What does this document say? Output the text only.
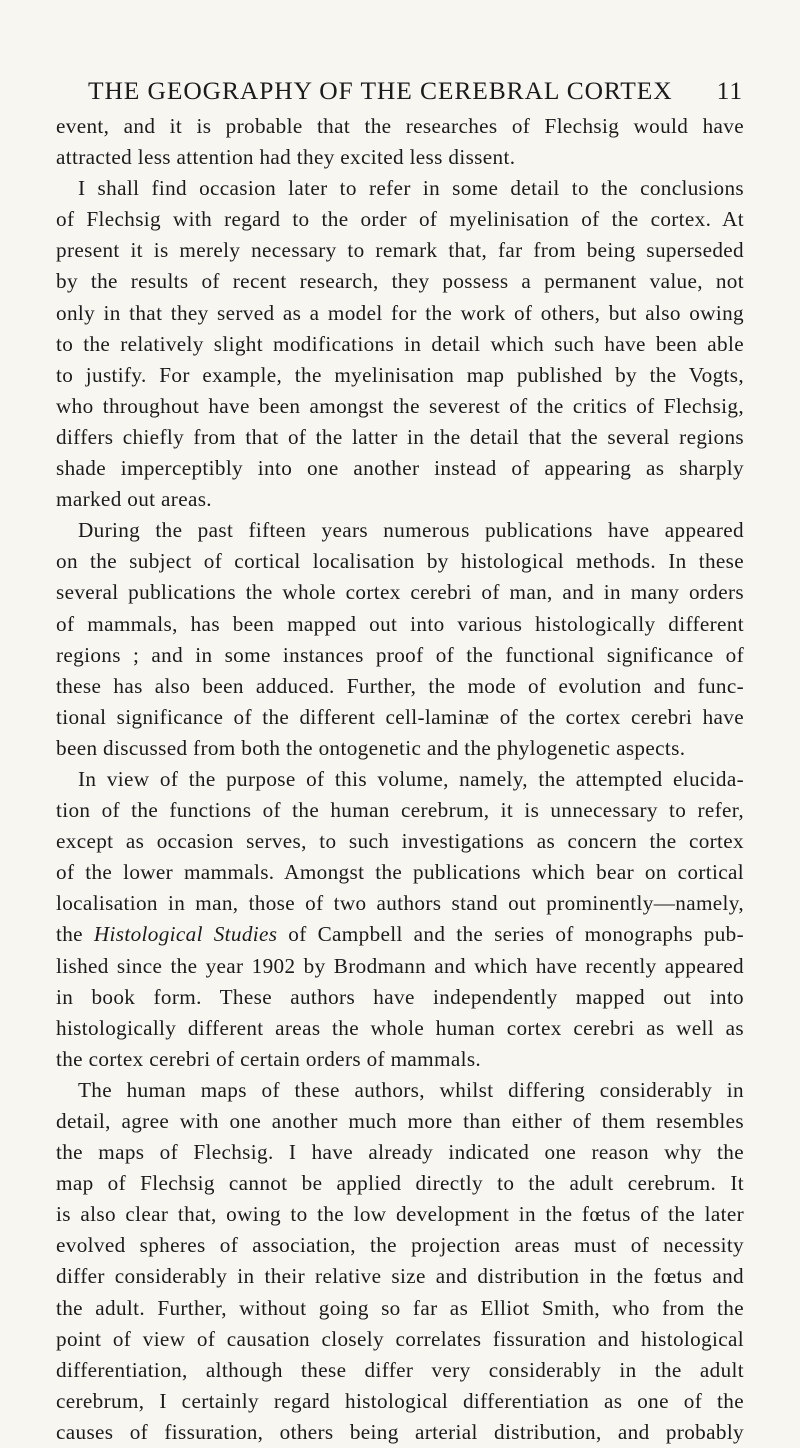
THE GEOGRAPHY OF THE CEREBRAL CORTEX 11
event, and it is probable that the researches of Flechsig would have
attracted less attention had they excited less dissent.
I shall find occasion later to refer in some detail to the conclusions
of Flechsig with regard to the order of myelinisation of the cortex. At
present it is merely necessary to remark that, far from being superseded
by the results of recent research, they possess a permanent value, not
only in that they served as a model for the work of others, but also owing
to the relatively slight modifications in detail which such have been able
to justify. For example, the myelinisation map published by the Vogts,
who throughout have been amongst the severest of the critics of Flechsig,
differs chiefly from that of the latter in the detail that the several regions
shade imperceptibly into one another instead of appearing as sharply
marked out areas.
During the past fifteen years numerous publications have appeared
on the subject of cortical localisation by histological methods. In these
several publications the whole cortex cerebri of man, and in many orders
of mammals, has been mapped out into various histologically different
regions ; and in some instances proof of the functional significance of
these has also been adduced. Further, the mode of evolution and func-
tional significance of the different cell-laminæ of the cortex cerebri have
been discussed from both the ontogenetic and the phylogenetic aspects.
In view of the purpose of this volume, namely, the attempted elucida-
tion of the functions of the human cerebrum, it is unnecessary to refer,
except as occasion serves, to such investigations as concern the cortex
of the lower mammals. Amongst the publications which bear on cortical
localisation in man, those of two authors stand out prominently—namely,
the Histological Studies of Campbell and the series of monographs pub-
lished since the year 1902 by Brodmann and which have recently appeared
in book form. These authors have independently mapped out into
histologically different areas the whole human cortex cerebri as well as
the cortex cerebri of certain orders of mammals.
The human maps of these authors, whilst differing considerably in
detail, agree with one another much more than either of them resembles
the maps of Flechsig. I have already indicated one reason why the
map of Flechsig cannot be applied directly to the adult cerebrum. It
is also clear that, owing to the low development in the fœtus of the later
evolved spheres of association, the projection areas must of necessity
differ considerably in their relative size and distribution in the fœtus and
the adult. Further, without going so far as Elliot Smith, who from the
point of view of causation closely correlates fissuration and histological
differentiation, although these differ very considerably in the adult
cerebrum, I certainly regard histological differentiation as one of the
causes of fissuration, others being arterial distribution, and probably
